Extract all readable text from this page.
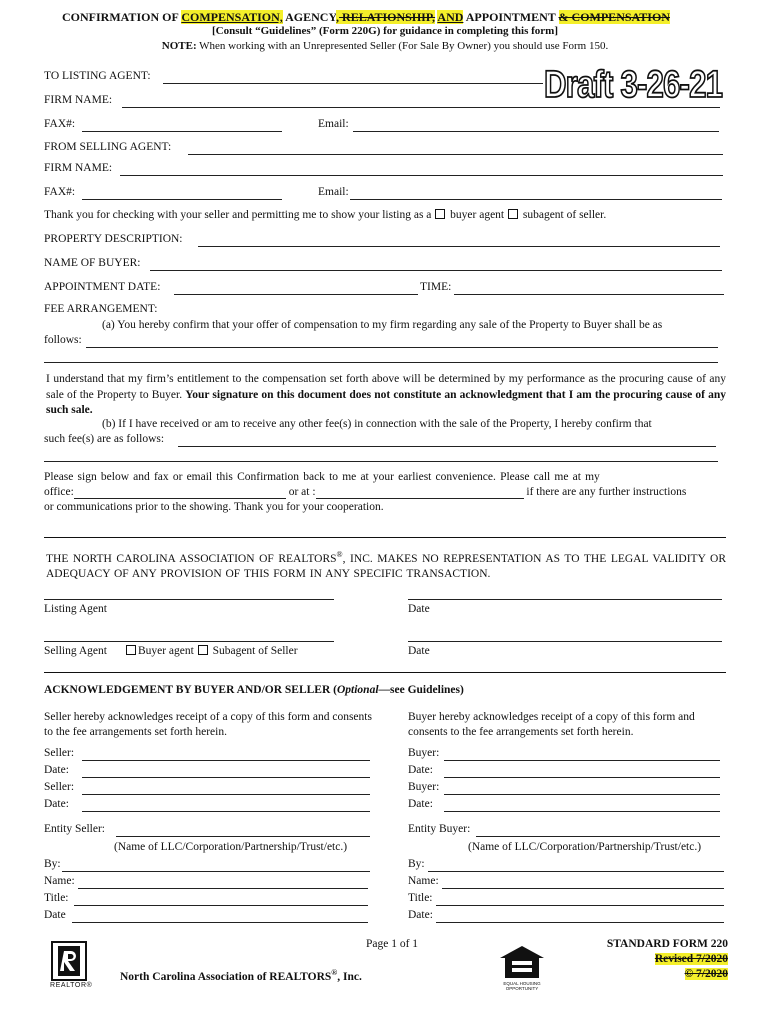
CONFIRMATION OF COMPENSATION, AGENCY, RELATIONSHIP, AND APPOINTMENT & COMPENSATION
[Consult “Guidelines” (Form 220G) for guidance in completing this form]
NOTE: When working with an Unrepresented Seller (For Sale By Owner) you should use Form 150.
Draft 3-26-21
TO LISTING AGENT:
FIRM NAME:
FAX#:	Email:
FROM SELLING AGENT:
FIRM NAME:
FAX#:	Email:
Thank you for checking with your seller and permitting me to show your listing as a  buyer agent  subagent of seller.
PROPERTY DESCRIPTION:
NAME OF BUYER:
APPOINTMENT DATE:	TIME:
FEE ARRANGEMENT:
(a) You hereby confirm that your offer of compensation to my firm regarding any sale of the Property to Buyer shall be as
follows:
I understand that my firm’s entitlement to the compensation set forth above will be determined by my performance as the procuring cause of any sale of the Property to Buyer. Your signature on this document does not constitute an acknowledgment that I am the procuring cause of any such sale.
(b) If I have received or am to receive any other fee(s) in connection with the sale of the Property, I hereby confirm that
such fee(s) are as follows:
Please sign below and fax or email this Confirmation back to me at your earliest convenience. Please call me at my
office:	or at :	if there are any further instructions
or communications prior to the showing. Thank you for your cooperation.
THE NORTH CAROLINA ASSOCIATION OF REALTORS®, INC. MAKES NO REPRESENTATION AS TO THE LEGAL VALIDITY OR ADEQUACY OF ANY PROVISION OF THIS FORM IN ANY SPECIFIC TRANSACTION.
Listing Agent	Date
Selling Agent	Buyer agent  Subagent of Seller	Date
ACKNOWLEDGEMENT BY BUYER AND/OR SELLER (Optional—see Guidelines)
Seller hereby acknowledges receipt of a copy of this form and consents to the fee arrangements set forth herein.
Buyer hereby acknowledges receipt of a copy of this form and consents to the fee arrangements set forth herein.
Seller:
Date:
Seller:
Date:
Buyer:
Date:
Buyer:
Date:
Entity Seller:
(Name of LLC/Corporation/Partnership/Trust/etc.)
By:
Name:
Title:
Date
Entity Buyer:
(Name of LLC/Corporation/Partnership/Trust/etc.)
By:
Name:
Title:
Date:
REALTOR®
Page 1 of 1
North Carolina Association of REALTORS®, Inc.
EQUAL HOUSING OPPORTUNITY
STANDARD FORM 220
Revised 7/2020
© 7/2020
